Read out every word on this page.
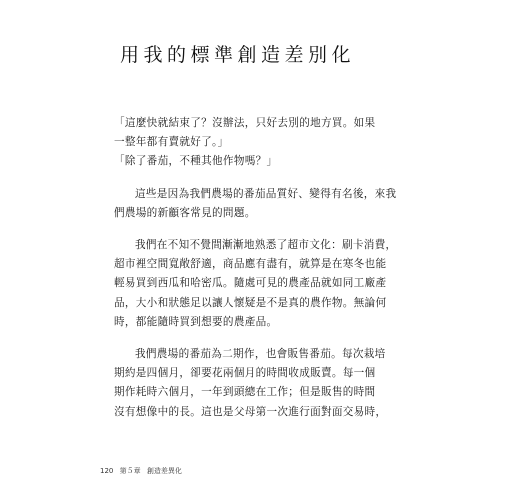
用我的標準創造差別化
「這麼快就結束了？沒辦法，只好去別的地方買。如果
一整年都有賣就好了。」
「除了番茄，不種其他作物嗎？」
這些是因為我們農場的番茄品質好、變得有名後，來我
們農場的新顧客常見的問題。
我們在不知不覺間漸漸地熟悉了超市文化：刷卡消費，
超市裡空間寬敞舒適，商品應有盡有，就算是在寒冬也能
輕易買到西瓜和哈密瓜。隨處可見的農產品就如同工廠產
品，大小和狀態足以讓人懷疑是不是真的農作物。無論何
時，都能隨時買到想要的農產品。
我們農場的番茄為二期作，也會販售番茄。每次栽培
期約是四個月，卻要花兩個月的時間收成販賣。每一個
期作耗時六個月，一年到頭總在工作；但是販售的時間
沒有想像中的長。這也是父母第一次進行面對面交易時，
120 第５章 創造差異化
